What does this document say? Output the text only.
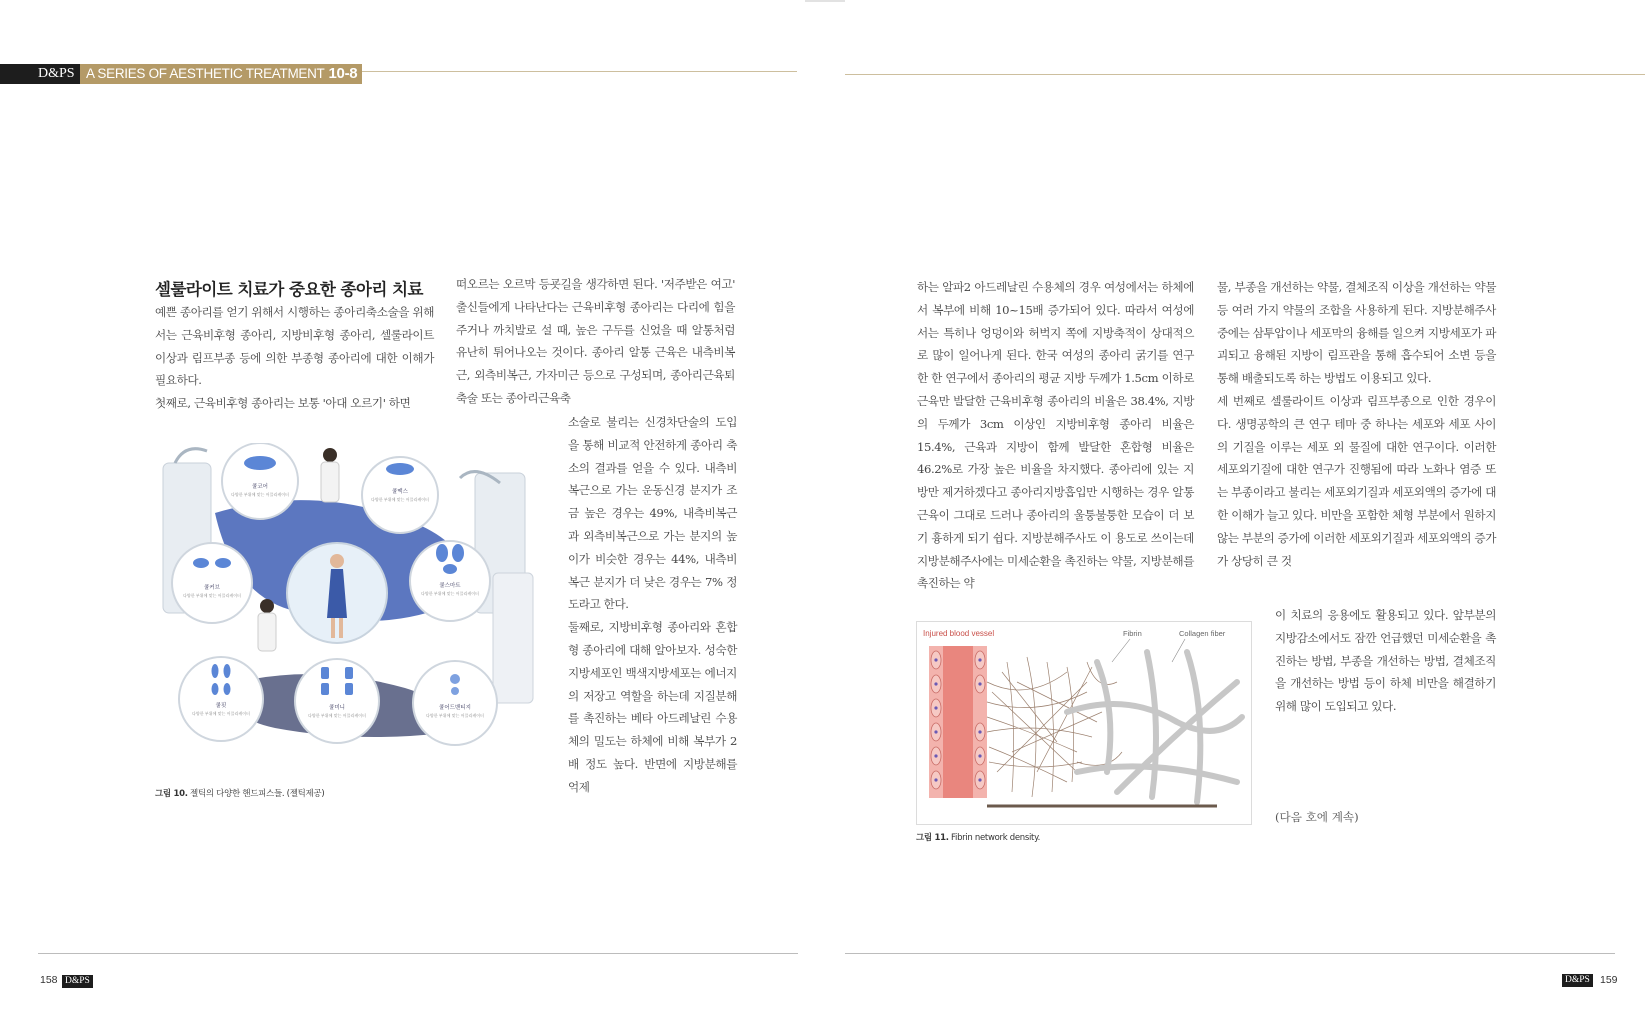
D&PS A SERIES OF AESTHETIC TREATMENT 10-8
셀룰라이트 치료가 중요한 종아리 치료

예쁜 종아리를 얻기 위해서 시행하는 종아리축소술을 위해서는 근육비후형 종아리, 지방비후형 종아리, 셀룰라이트 이상과 림프부종 등에 의한 부종형 종아리에 대한 이해가 필요하다.

첫째로, 근육비후형 종아리는 보통 '아대 오르기' 하면

떠오르는 오르막 등굣길을 생각하면 된다. '저주받은 여고' 출신들에게 나타난다는 근육비후형 종아리는 다리에 힘을 주거나 까치발로 설 때, 높은 구두를 신었을 때 알통처럼 유난히 튀어나오는 것이다. 종아리 알통 근육은 내측비복근, 외측비복근, 가자미근 등으로 구성되며, 종아리근육퇴축술 또는 종아리근육축

소술로 불리는 신경차단술의 도입을 통해 비교적 안전하게 종아리 축소의 결과를 얻을 수 있다. 내측비복근으로 가는 운동신경 분지가 조금 높은 경우는 49%, 내측비복근과 외측비복근으로 가는 분지의 높이가 비슷한 경우는 44%, 내측비복근 분지가 더 낮은 경우는 7% 정도라고 한다.

둘째로, 지방비후형 종아리와 혼합형 종아리에 대해 알아보자. 성숙한 지방세포인 백색지방세포는 에너지의 저장고 역할을 하는데 지질분해를 촉진하는 베타 아드레날린 수용체의 밀도는 하체에 비해 복부가 2배 정도 높다. 반면에 지방분해를 억제

쿨코어
다양한 부위에 맞는 어플리케이터	쿨맥스
다양한 부위에 맞는 어플리케이터
쿨커브
다양한 부위에 맞는 어플리케이터
쿨스마트
다양한 부위에 맞는 어플리케이터
쿨핏
다양한 부위에 맞는 어플리케이터
쿨미니
다양한 부위에 맞는 어플리케이터
쿨어드밴티지
다양한 부위에 맞는 어플리케이터
그림 10. 젤틱의 다양한 핸드피스들. (젤틱제공)

하는 알파2 아드레날린 수용체의 경우 여성에서는 하체에서 복부에 비해 10~15배 증가되어 있다. 따라서 여성에서는 특히나 엉덩이와 허벅지 쪽에 지방축적이 상대적으로 많이 일어나게 된다. 한국 여성의 종아리 굵기를 연구한 한 연구에서 종아리의 평균 지방 두께가 1.5cm 이하로 근육만 발달한 근육비후형 종아리의 비율은 38.4%, 지방의 두께가 3cm 이상인 지방비후형 종아리 비율은 15.4%, 근육과 지방이 함께 발달한 혼합형 비율은 46.2%로 가장 높은 비율을 차지했다. 종아리에 있는 지방만 제거하겠다고 종아리지방흡입만 시행하는 경우 알통 근육이 그대로 드러나 종아리의 울퉁불퉁한 모습이 더 보기 흉하게 되기 쉽다. 지방분해주사도 이 용도로 쓰이는데 지방분해주사에는 미세순환을 촉진하는 약물, 지방분해를 촉진하는 약

물, 부종을 개선하는 약물, 결체조직 이상을 개선하는 약물 등 여러 가지 약물의 조합을 사용하게 된다. 지방분해주사 중에는 삼투압이나 세포막의 융해를 일으켜 지방세포가 파괴되고 융해된 지방이 림프관을 통해 흡수되어 소변 등을 통해 배출되도록 하는 방법도 이용되고 있다.

세 번째로 셀룰라이트 이상과 림프부종으로 인한 경우이다. 생명공학의 큰 연구 테마 중 하나는 세포와 세포 사이의 기질을 이루는 세포 외 물질에 대한 연구이다. 이러한 세포외기질에 대한 연구가 진행됨에 따라 노화나 염증 또는 부종이라고 불리는 세포외기질과 세포외액의 증가에 대한 이해가 늘고 있다. 비만을 포함한 체형 부분에서 원하지 않는 부분의 증가에 이러한 세포외기질과 세포외액의 증가가 상당히 큰 것

이 치료의 응용에도 활용되고 있다. 앞부분의 지방감소에서도 잠깐 언급했던 미세순환을 촉진하는 방법, 부종을 개선하는 방법, 결체조직을 개선하는 방법 등이 하체 비만을 해결하기 위해 많이 도입되고 있다.

(다음 호에 계속)
Injured blood vessel	Fibrin	Collagen fiber
그림 11. Fibrin network density.
158 D&PS	D&PS 159
